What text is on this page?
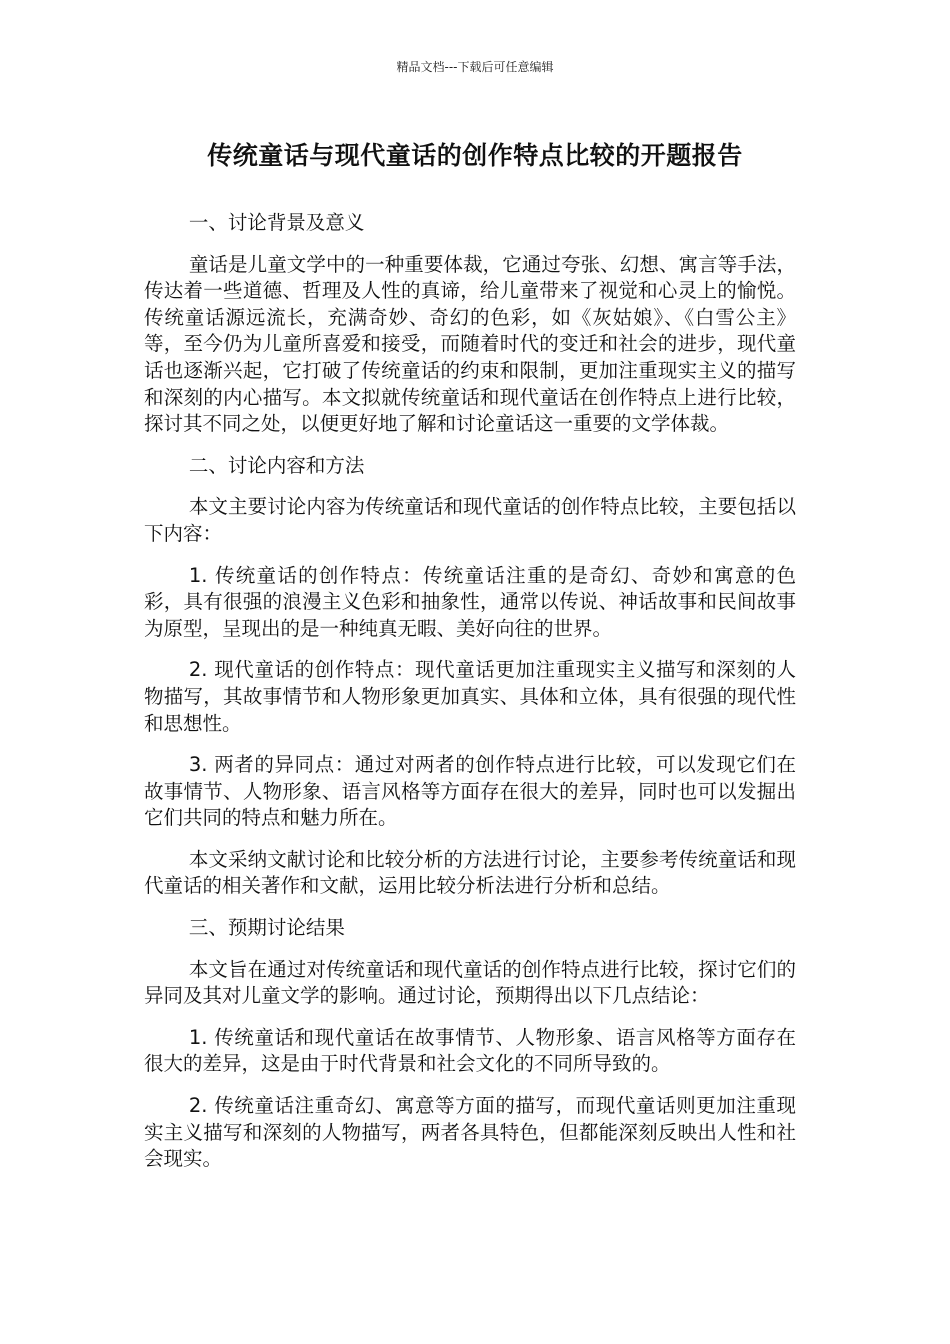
精品文档---下载后可任意编辑
传统童话与现代童话的创作特点比较的开题报告

一、讨论背景及意义

童话是儿童文学中的一种重要体裁，它通过夸张、幻想、寓言等手法，传达着一些道德、哲理及人性的真谛，给儿童带来了视觉和心灵上的愉悦。传统童话源远流长，充满奇妙、奇幻的色彩，如《灰姑娘》、《白雪公主》等，至今仍为儿童所喜爱和接受，而随着时代的变迁和社会的进步，现代童话也逐渐兴起，它打破了传统童话的约束和限制，更加注重现实主义的描写和深刻的内心描写。本文拟就传统童话和现代童话在创作特点上进行比较，探讨其不同之处，以便更好地了解和讨论童话这一重要的文学体裁。

二、讨论内容和方法

本文主要讨论内容为传统童话和现代童话的创作特点比较，主要包括以下内容：

1. 传统童话的创作特点：传统童话注重的是奇幻、奇妙和寓意的色彩，具有很强的浪漫主义色彩和抽象性，通常以传说、神话故事和民间故事为原型，呈现出的是一种纯真无暇、美好向往的世界。

2. 现代童话的创作特点：现代童话更加注重现实主义描写和深刻的人物描写，其故事情节和人物形象更加真实、具体和立体，具有很强的现代性和思想性。

3. 两者的异同点：通过对两者的创作特点进行比较，可以发现它们在故事情节、人物形象、语言风格等方面存在很大的差异，同时也可以发掘出它们共同的特点和魅力所在。

本文采纳文献讨论和比较分析的方法进行讨论，主要参考传统童话和现代童话的相关著作和文献，运用比较分析法进行分析和总结。

三、预期讨论结果

本文旨在通过对传统童话和现代童话的创作特点进行比较，探讨它们的异同及其对儿童文学的影响。通过讨论，预期得出以下几点结论：

1. 传统童话和现代童话在故事情节、人物形象、语言风格等方面存在很大的差异，这是由于时代背景和社会文化的不同所导致的。

2. 传统童话注重奇幻、寓意等方面的描写，而现代童话则更加注重现实主义描写和深刻的人物描写，两者各具特色，但都能深刻反映出人性和社会现实。
